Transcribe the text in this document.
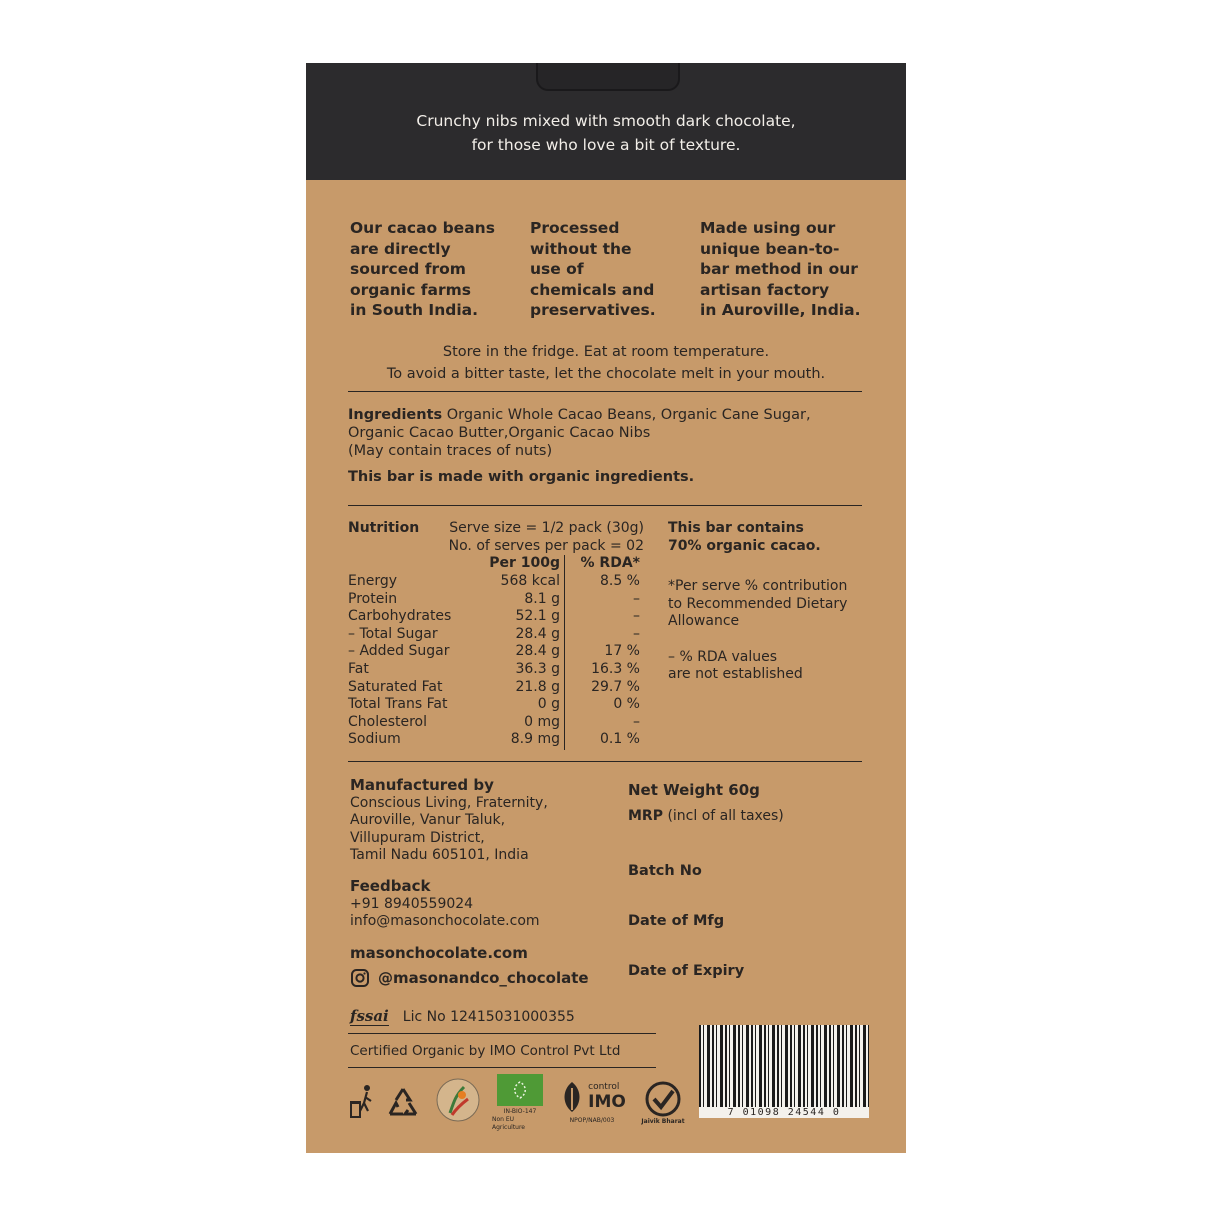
Crunchy nibs mixed with smooth dark chocolate,
for those who love a bit of texture.
Our cacao beans
are directly
sourced from
organic farms
in South India.
Processed
without the
use of
chemicals and
preservatives.
Made using our
unique bean-to-
bar method in our
artisan factory
in Auroville, India.
Store in the fridge. Eat at room temperature.
To avoid a bitter taste, let the chocolate melt in your mouth.
Ingredients Organic Whole Cacao Beans, Organic Cane Sugar,
Organic Cacao Butter,Organic Cacao Nibs
(May contain traces of nuts)
This bar is made with organic ingredients.
Nutrition	Serve size = 1/2 pack (30g)
No. of serves per pack = 02
Per 100g	% RDA*
Energy	568 kcal	8.5 %
Protein	8.1 g	–
Carbohydrates	52.1 g	–
– Total Sugar	28.4 g	–
– Added Sugar	28.4 g	17 %
Fat	36.3 g	16.3 %
Saturated Fat	21.8 g	29.7 %
Total Trans Fat	0 g	0 %
Cholesterol	0 mg	–
Sodium	8.9 mg	0.1 %
This bar contains
70% organic cacao.
*Per serve % contribution
to Recommended Dietary
Allowance
– % RDA values
are not established
Manufactured by
Conscious Living, Fraternity,
Auroville, Vanur Taluk,
Villupuram District,
Tamil Nadu 605101, India
Feedback
+91 8940559024
info@masonchocolate.com
masonchocolate.com
@masonandco_chocolate
fssai Lic No 12415031000355
Certified Organic by IMO Control Pvt Ltd
Net Weight 60g
MRP (incl of all taxes)
Batch No
Date of Mfg
Date of Expiry
IN-BIO-147
Non EU Agriculture
control
IMO
NPOP/NAB/003	Jaivik Bharat
7 01098 24544 0
